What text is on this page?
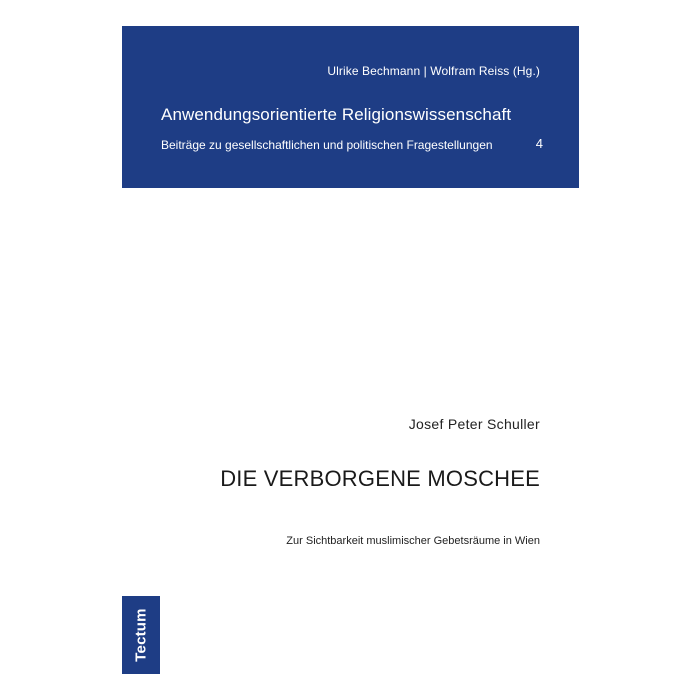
Ulrike Bechmann | Wolfram Reiss (Hg.)
Anwendungsorientierte Religionswissenschaft
Beiträge zu gesellschaftlichen und politischen Fragestellungen	4
Josef Peter Schuller
DIE VERBORGENE MOSCHEE
Zur Sichtbarkeit muslimischer Gebetsräume in Wien
Tectum
